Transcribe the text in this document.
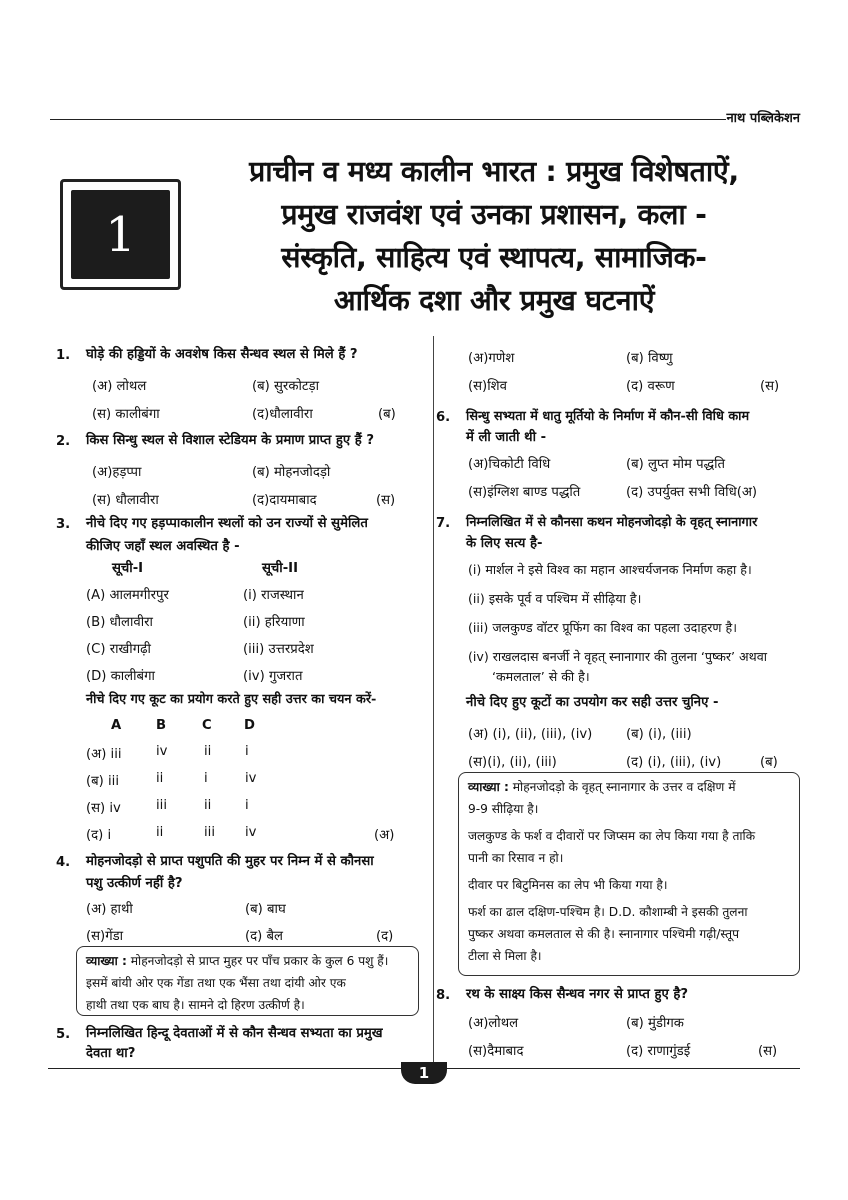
नाथ पब्लिकेशन
1
प्राचीन व मध्य कालीन भारत : प्रमुख विशेषताऐं,
प्रमुख राजवंश एवं उनका प्रशासन, कला -
संस्कृति, साहित्य एवं स्थापत्य, सामाजिक-
आर्थिक दशा और प्रमुख घटनाऐं
1. घोड़े की हड्डियों के अवशेष किस सैन्धव स्थल से मिले हैं ?
(अ) लोथल	(ब) सुरकोटड़ा
(स) कालीबंगा	(द)धौलावीरा	(ब)
2. किस सिन्धु स्थल से विशाल स्टेडियम के प्रमाण प्राप्त हुए हैं ?
(अ)हड़प्पा	(ब) मोहनजोदड़ो
(स) धौलावीरा	(द)दायमाबाद	(स)
3. नीचे दिए गए हड़प्पाकालीन स्थलों को उन राज्यों से सुमेलित
कीजिए जहाँ स्थल अवस्थित है -
सूची-I	सूची-II
(A) आलमगीरपुर	(i) राजस्थान
(B) धौलावीरा	(ii) हरियाणा
(C) राखीगढ़ी	(iii) उत्तरप्रदेश
(D) कालीबंगा	(iv) गुजरात
नीचे दिए गए कूट का प्रयोग करते हुए सही उत्तर का चयन करें-
A	B	C D
(अ) iii	iv	ii	i
(ब) iii	ii	i	iv
(स) iv	iii	ii	i
(द) i	ii	iii iv	(अ)
4. मोहनजोदड़ो से प्राप्त पशुपति की मुहर पर निम्न में से कौनसा
पशु उत्कीर्ण नहीं है?
(अ) हाथी	(ब) बाघ
(स)गेंडा	(द) बैल	(द)
व्याख्या : मोहनजोदड़ो से प्राप्त मुहर पर पाँच प्रकार के कुल 6 पशु हैं।
इसमें बांयी ओर एक गेंडा तथा एक भैंसा तथा दांयी ओर एक
हाथी तथा एक बाघ है। सामने दो हिरण उत्कीर्ण है।
5. निम्नलिखित हिन्दू देवताओं में से कौन सैन्धव सभ्यता का प्रमुख
देवता था?
(अ)गणेश	(ब) विष्णु
(स)शिव	(द) वरूण	(स)
6. सिन्धु सभ्यता में धातु मूर्तियो के निर्माण में कौन-सी विधि काम
में ली जाती थी -
(अ)चिकोटी विधि	(ब) लुप्त मोम पद्धति
(स)इंग्लिश बाण्ड पद्धति	(द) उपर्युक्त सभी विधि(अ)
7. निम्नलिखित में से कौनसा कथन मोहनजोदड़ो के वृहत् स्नानागार
के लिए सत्य है-
(i) मार्शल ने इसे विश्व का महान आश्चर्यजनक निर्माण कहा है।
(ii) इसके पूर्व व पश्चिम में सीढ़िया है।
(iii) जलकुण्ड वॉटर प्रूफिंग का विश्व का पहला उदाहरण है।
(iv) राखलदास बनर्जी ने वृहत् स्नानागार की तुलना ‘पुष्कर’ अथवा
‘कमलताल’ से की है।
नीचे दिए हुए कूटों का उपयोग कर सही उत्तर चुनिए -
(अ) (i), (ii), (iii), (iv)	(ब) (i), (iii)
(स)(i), (ii), (iii)	(द) (i), (iii), (iv)	(ब)

व्याख्या : मोहनजोदड़ो के वृहत् स्नानागार के उत्तर व दक्षिण में
9-9 सीढ़िया है।

जलकुण्ड के फर्श व दीवारों पर जिप्सम का लेप किया गया है ताकि
पानी का रिसाव न हो।

दीवार पर बिटुमिनस का लेप भी किया गया है।

फर्श का ढाल दक्षिण-पश्चिम है। D.D. कौशाम्बी ने इसकी तुलना
पुष्कर अथवा कमलताल से की है। स्नानागार पश्चिमी गढ़ी/स्तूप
टीला से मिला है।

8. रथ के साक्ष्य किस सैन्धव नगर से प्राप्त हुए है?
(अ)लोथल	(ब) मुंडीगक
(स)दैमाबाद	(द) राणागुंडई	(स)
1
